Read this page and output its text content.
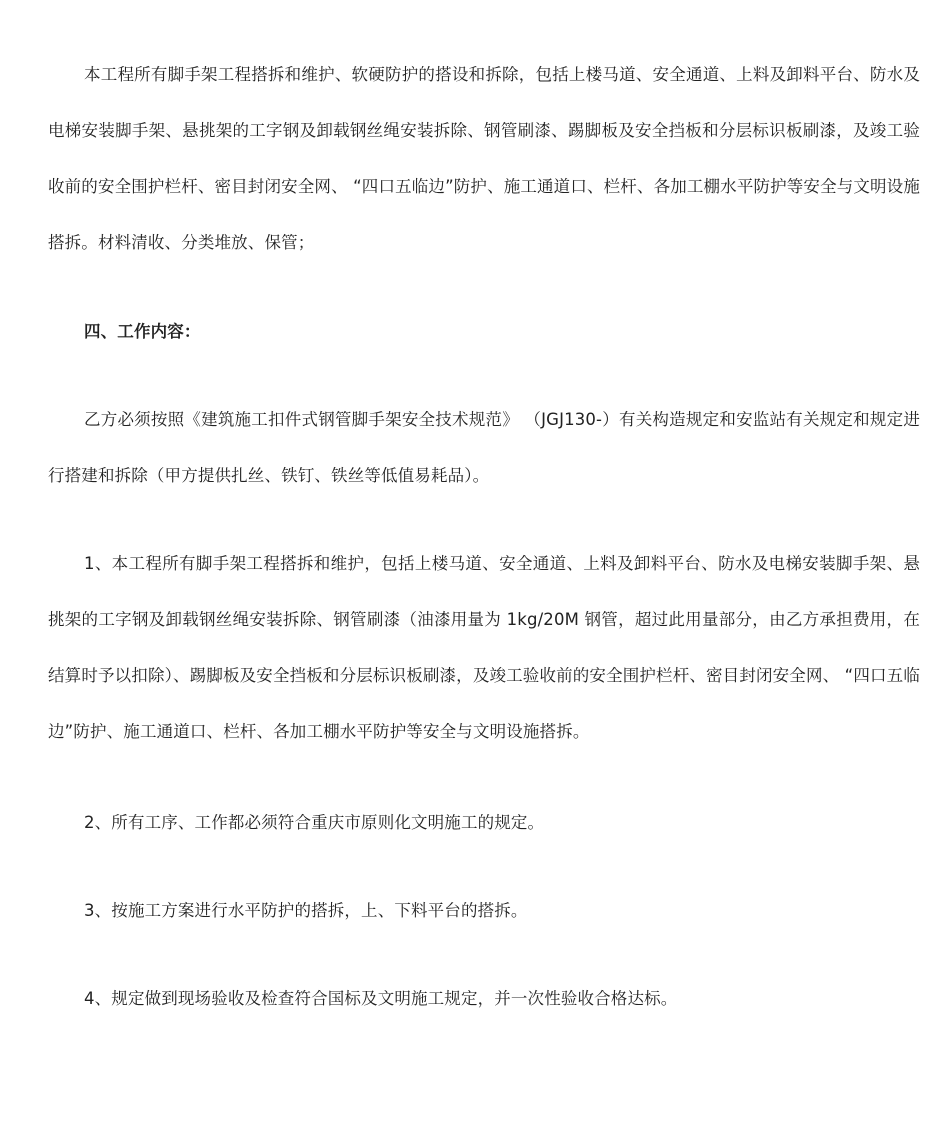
本工程所有脚手架工程搭拆和维护、软硬防护的搭设和拆除，包括上楼马道、安全通道、上料及卸料平台、防水及电梯安装脚手架、悬挑架的工字钢及卸载钢丝绳安装拆除、钢管刷漆、踢脚板及安全挡板和分层标识板刷漆，及竣工验收前的安全围护栏杆、密目封闭安全网、 “四口五临边”防护、施工通道口、栏杆、各加工棚水平防护等安全与文明设施搭拆。材料清收、分类堆放、保管；

四、工作内容：

乙方必须按照《建筑施工扣件式钢管脚手架安全技术规范》 （JGJ130-）有关构造规定和安监站有关规定和规定进行搭建和拆除（甲方提供扎丝、铁钉、铁丝等低值易耗品）。

1、本工程所有脚手架工程搭拆和维护，包括上楼马道、安全通道、上料及卸料平台、防水及电梯安装脚手架、悬挑架的工字钢及卸载钢丝绳安装拆除、钢管刷漆（油漆用量为 1kg/20M 钢管，超过此用量部分，由乙方承担费用，在结算时予以扣除）、踢脚板及安全挡板和分层标识板刷漆，及竣工验收前的安全围护栏杆、密目封闭安全网、 “四口五临边”防护、施工通道口、栏杆、各加工棚水平防护等安全与文明设施搭拆。

2、所有工序、工作都必须符合重庆市原则化文明施工的规定。

3、按施工方案进行水平防护的搭拆，上、下料平台的搭拆。

4、规定做到现场验收及检查符合国标及文明施工规定，并一次性验收合格达标。
